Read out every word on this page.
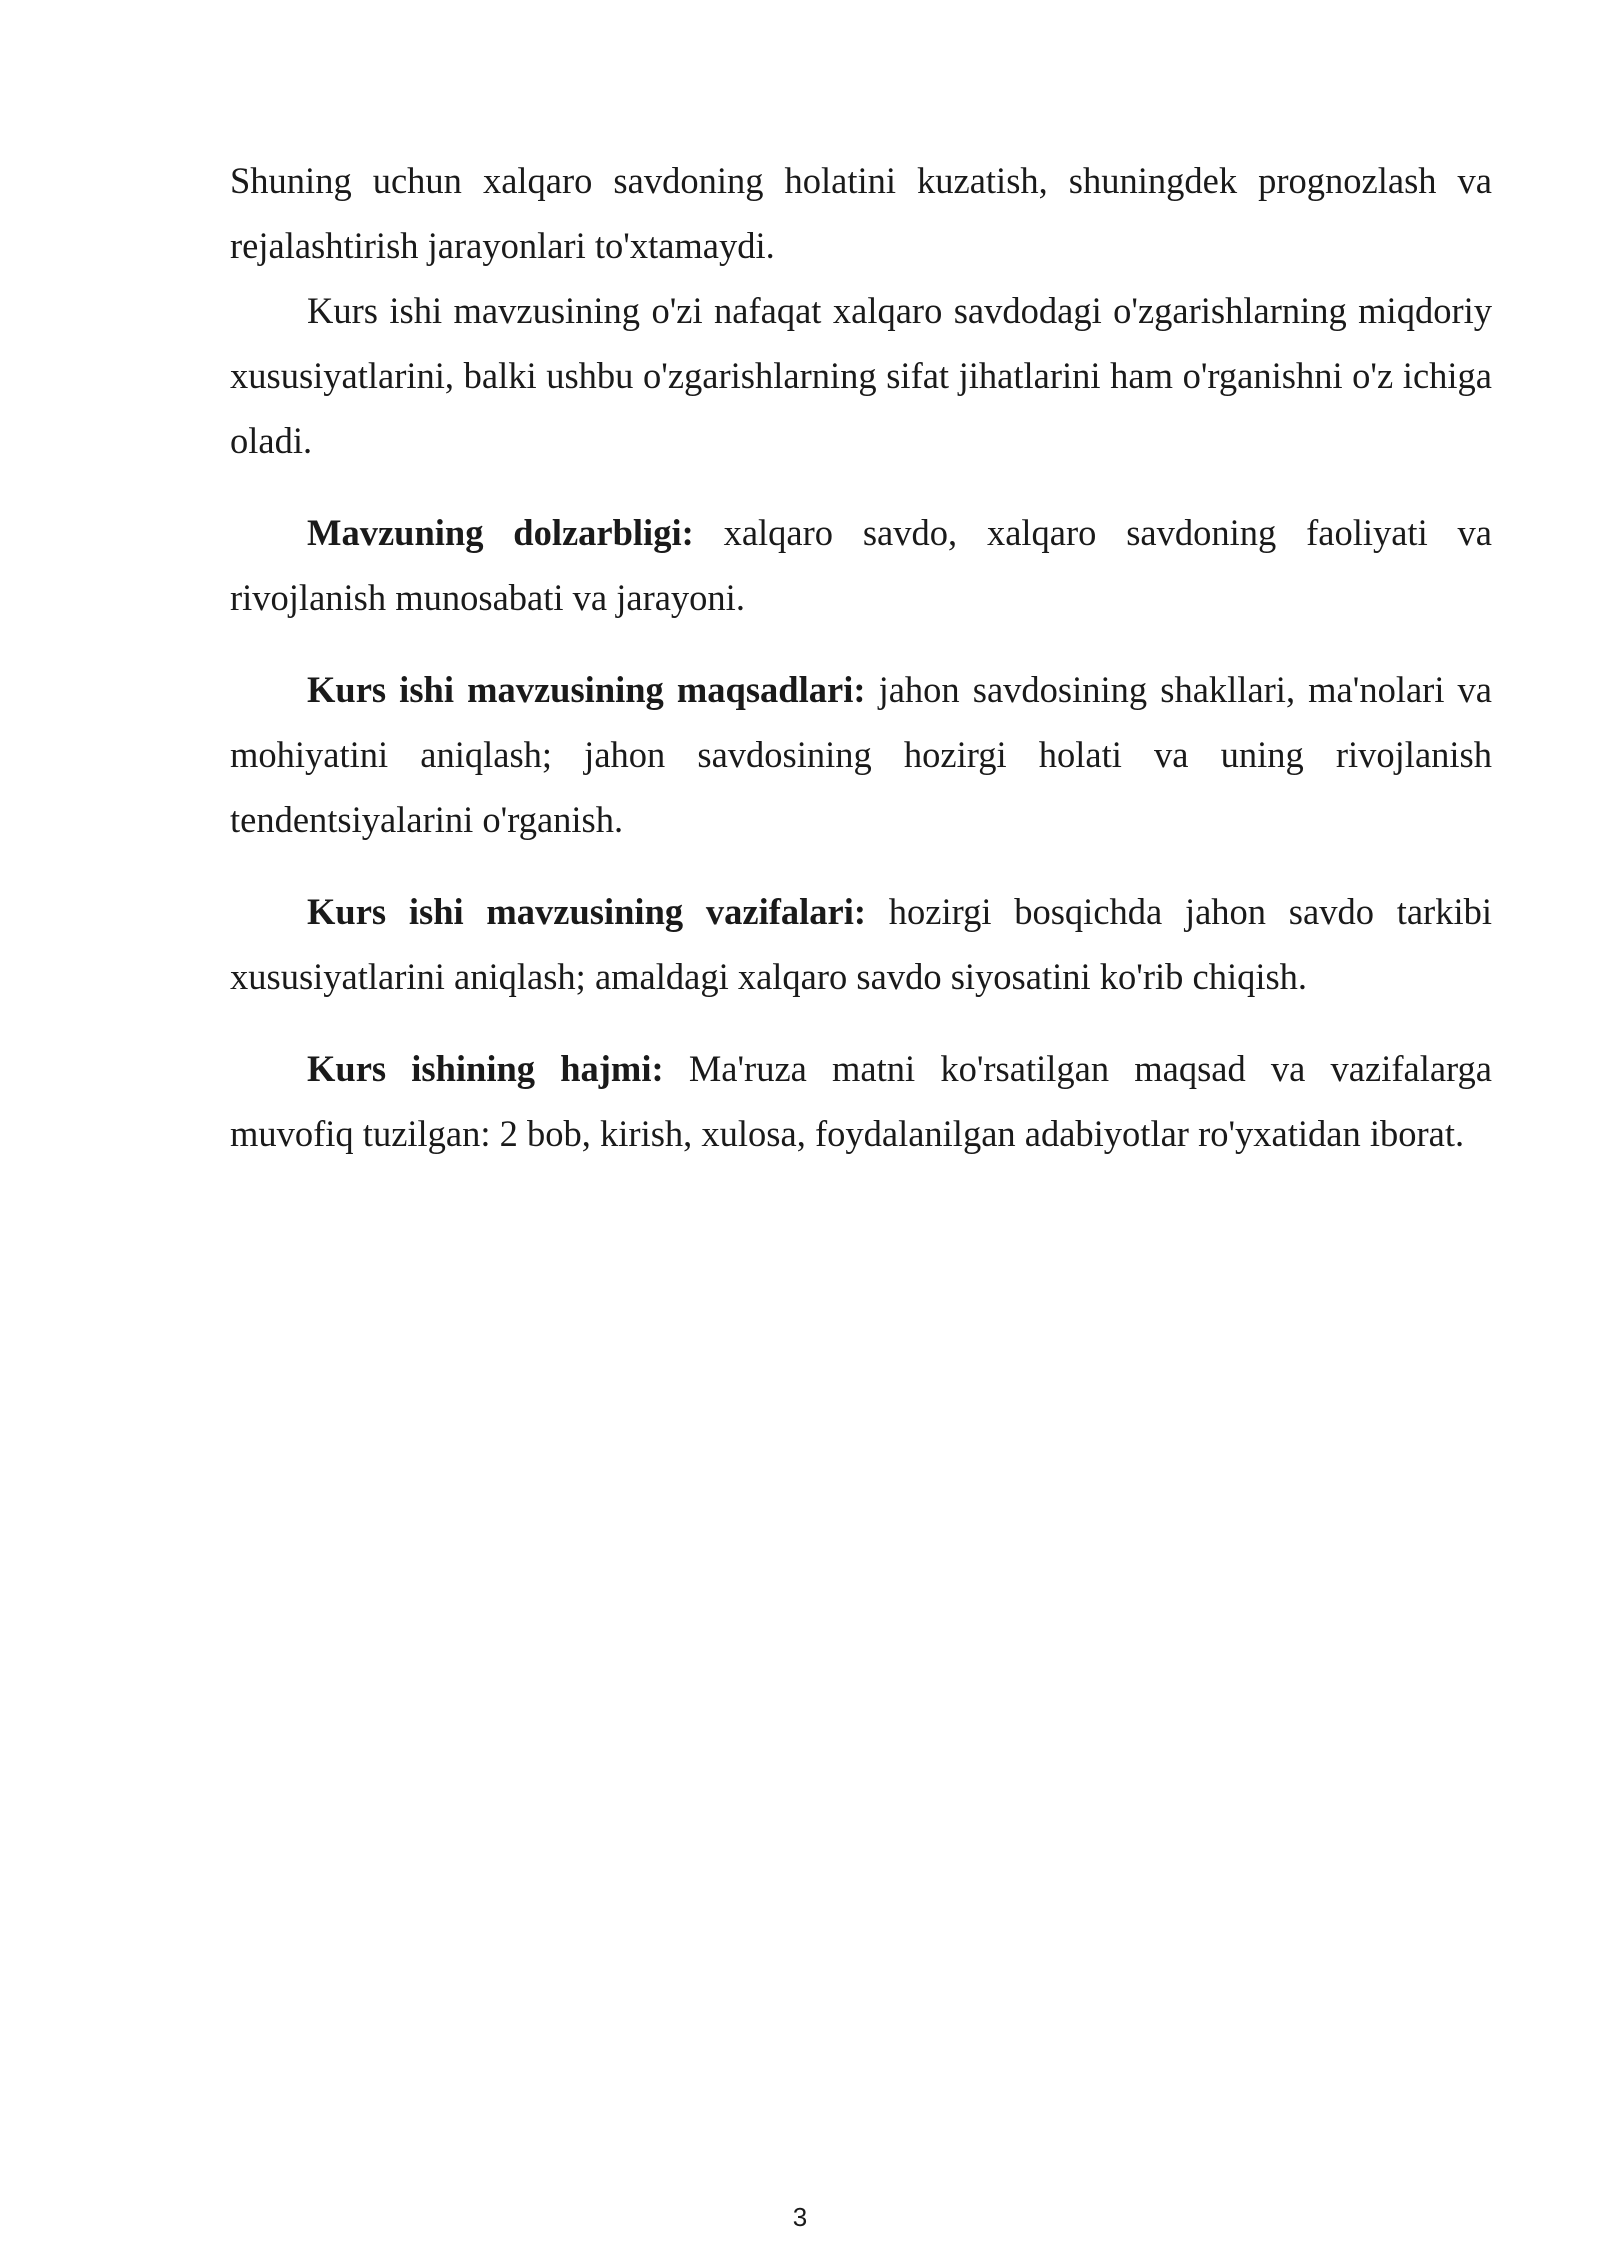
Shuning uchun xalqaro savdoning holatini kuzatish, shuningdek prognozlash va rejalashtirish jarayonlari to'xtamaydi.

Kurs ishi mavzusining o'zi nafaqat xalqaro savdodagi o'zgarishlarning miqdoriy xususiyatlarini, balki ushbu o'zgarishlarning sifat jihatlarini ham o'rganishni o'z ichiga oladi.

Mavzuning dolzarbligi: xalqaro savdo, xalqaro savdoning faoliyati va rivojlanish munosabati va jarayoni.

Kurs ishi mavzusining maqsadlari: jahon savdosining shakllari, ma'nolari va mohiyatini aniqlash; jahon savdosining hozirgi holati va uning rivojlanish tendentsiyalarini o'rganish.

Kurs ishi mavzusining vazifalari: hozirgi bosqichda jahon savdo tarkibi xususiyatlarini aniqlash; amaldagi xalqaro savdo siyosatini ko'rib chiqish.

Kurs ishining hajmi: Ma'ruza matni ko'rsatilgan maqsad va vazifalarga muvofiq tuzilgan: 2 bob, kirish, xulosa, foydalanilgan adabiyotlar ro'yxatidan iborat.

3
